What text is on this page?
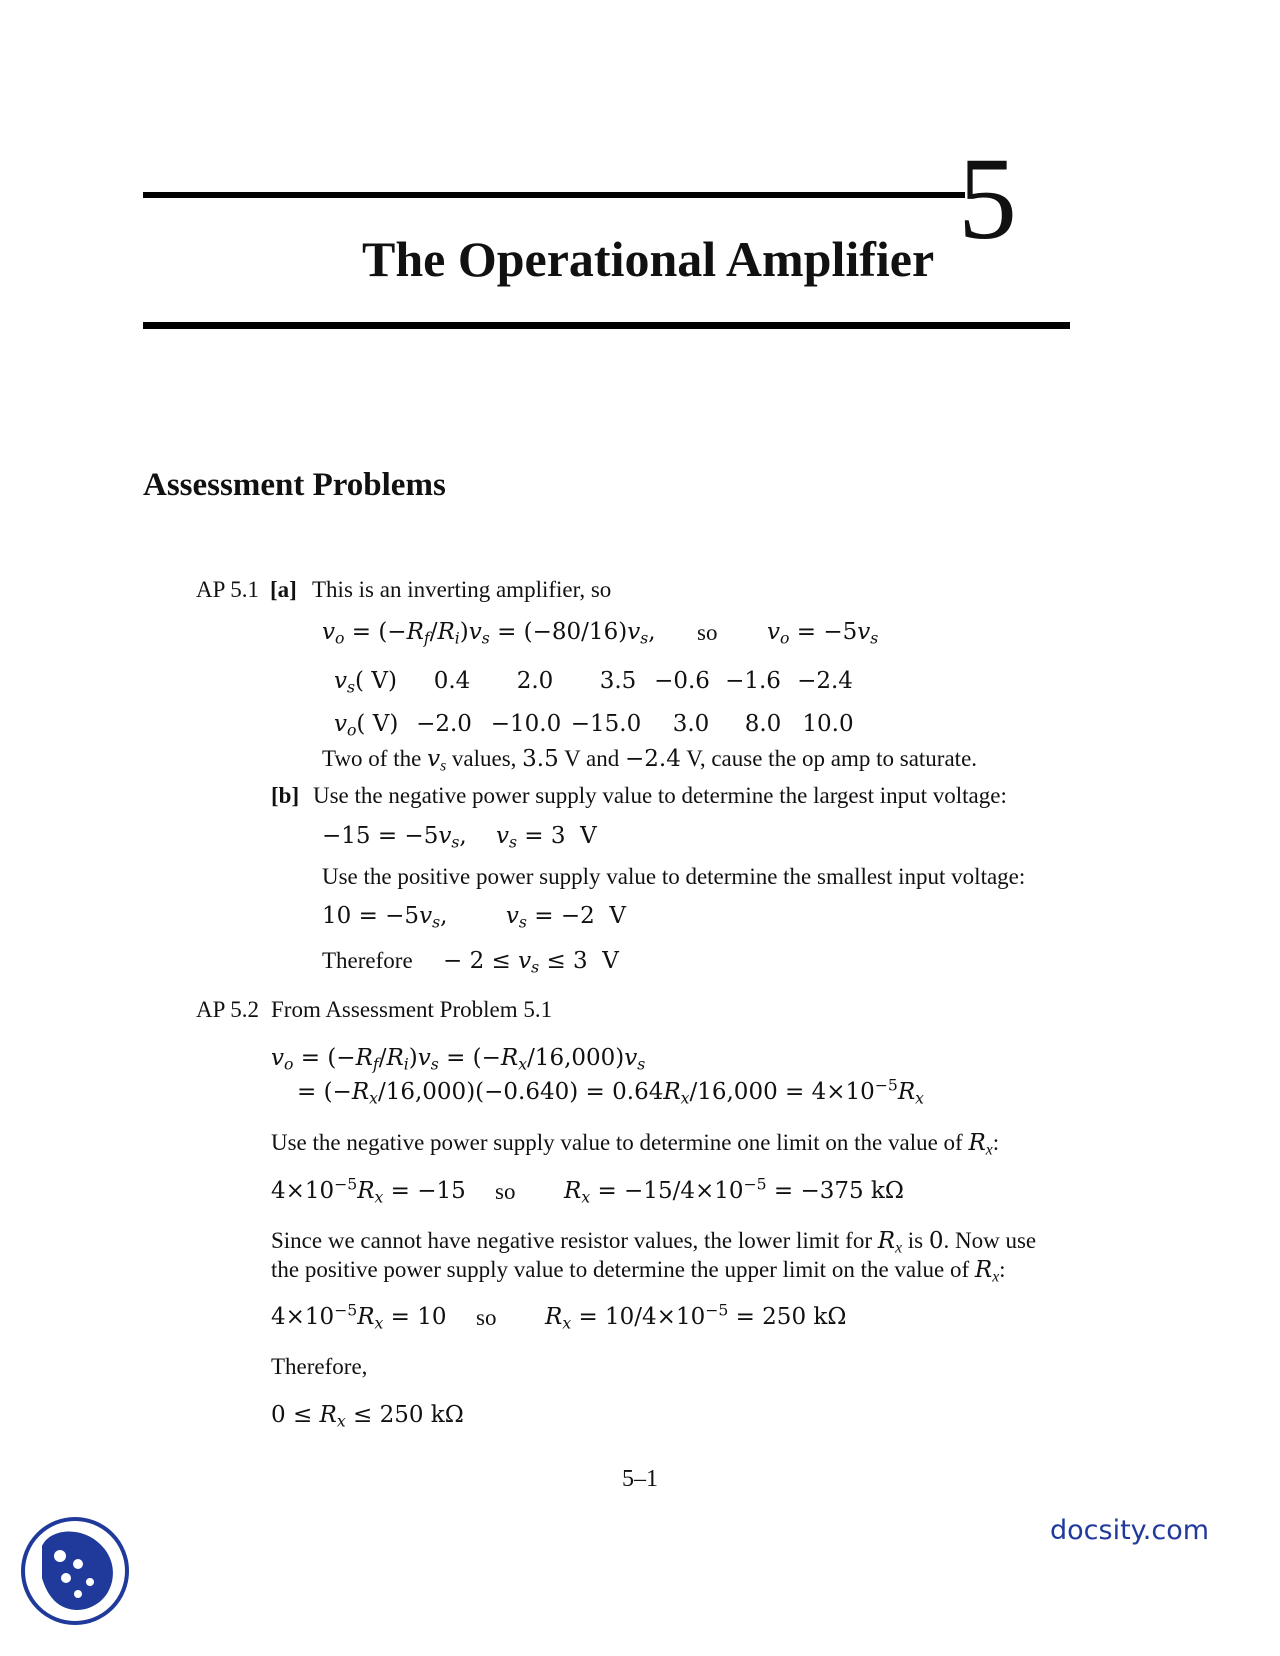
5
The Operational Amplifier
Assessment Problems
AP 5.1 [a] This is an inverting amplifier, so
$v_o = (-R_f/R_i)v_s = (-80/16)v_s$, so $v_o = -5v_s$
$v_s$( V)	0.4	2.0	3.5 −0.6 −1.6 −2.4
$v_o$( V) −2.0 −10.0 −15.0	3.0	8.0 10.0
Two of the $v_s$ values, 3.5 V and −2.4 V, cause the op amp to saturate.
[b] Use the negative power supply value to determine the largest input voltage:
$-15 = -5v_s$,    $v_s = 3$  V
Use the positive power supply value to determine the smallest input voltage:
$10 = -5v_s$,        $v_s = -2$  V
Therefore − $2 \le v_s \le 3$  V
AP 5.2 From Assessment Problem 5.1
$v_o = (-R_f/R_i)v_s = (-R_x/16,000)v_s$
= $(-R_x/16,000)(-0.640) = 0.64R_x/16,000 = 4\times 10^{-5}R_x$
Use the negative power supply value to determine one limit on the value of $R_x$:
$4\times 10^{-5}R_x = -15$ so $R_x = -15/4\times 10^{-5} = -375$ kΩ
Since we cannot have negative resistor values, the lower limit for $R_x$ is 0. Now use
the positive power supply value to determine the upper limit on the value of $R_x$:
$4\times 10^{-5}R_x = 10$ so $R_x = 10/4\times 10^{-5} = 250$ kΩ
Therefore,
$0 \le R_x \le 250$ kΩ
5–1
docsity.com
